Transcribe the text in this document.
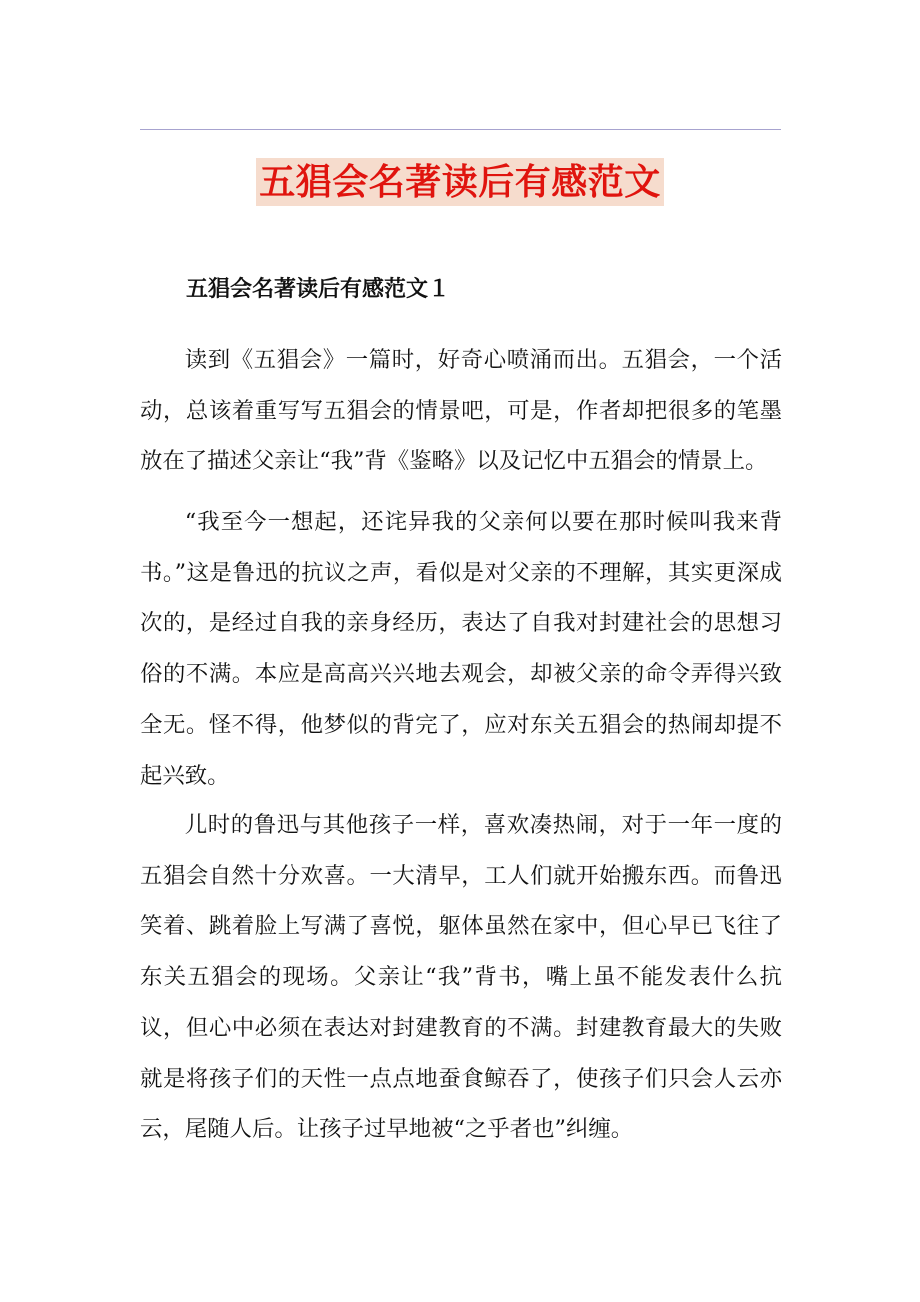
五猖会名著读后有感范文
五猖会名著读后有感范文１

读到《五猖会》一篇时，好奇心喷涌而出。五猖会，一个活动，总该着重写写五猖会的情景吧，可是，作者却把很多的笔墨放在了描述父亲让“我”背《鉴略》以及记忆中五猖会的情景上。

“我至今一想起，还诧异我的父亲何以要在那时候叫我来背书。”这是鲁迅的抗议之声，看似是对父亲的不理解，其实更深成次的，是经过自我的亲身经历，表达了自我对封建社会的思想习俗的不满。本应是高高兴兴地去观会，却被父亲的命令弄得兴致全无。怪不得，他梦似的背完了，应对东关五猖会的热闹却提不起兴致。

儿时的鲁迅与其他孩子一样，喜欢凑热闹，对于一年一度的五猖会自然十分欢喜。一大清早，工人们就开始搬东西。而鲁迅笑着、跳着脸上写满了喜悦，躯体虽然在家中，但心早已飞往了东关五猖会的现场。父亲让“我”背书，嘴上虽不能发表什么抗议，但心中必须在表达对封建教育的不满。封建教育最大的失败就是将孩子们的天性一点点地蚕食鲸吞了，使孩子们只会人云亦云，尾随人后。让孩子过早地被“之乎者也”纠缠。
